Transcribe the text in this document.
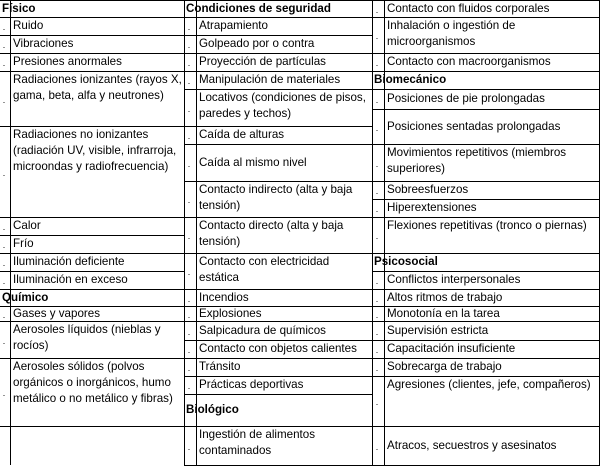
Físico
· Ruido
· Vibraciones
· Presiones anormales
·
Radiaciones ionizantes (rayos X, gama, beta, alfa y neutrones)
·
Radiaciones no ionizantes (radiación UV, visible, infrarroja, microondas y radiofrecuencia)
· Calor
· Frío
· Iluminación deficiente
· Iluminación en exceso
Químico
· Gases y vapores
·
Aerosoles líquidos (nieblas y rocíos)
·
Aerosoles sólidos (polvos orgánicos o inorgánicos, humo metálico o no metálico y fibras)
Condiciones de seguridad
· Atrapamiento
· Golpeado por o contra
· Proyección de partículas
· Manipulación de materiales
·
Locativos (condiciones de pisos, paredes y techos)
· Caída de alturas
· Caída al mismo nivel
·
Contacto indirecto (alta y baja tensión)
·
Contacto directo (alta y baja tensión)
·
Contacto con electricidad estática
· Incendios
· Explosiones
· Salpicadura de químicos
· Contacto con objetos calientes
· Tránsito
· Prácticas deportivas
Biológico
·
Ingestión de alimentos contaminados
· Contacto con fluidos corporales
·
Inhalación o ingestión de microorganismos
· Contacto con macroorganismos
Biomecánico
· Posiciones de pie prolongadas
· Posiciones sentadas prolongadas
·
Movimientos repetitivos (miembros superiores)
· Sobreesfuerzos
· Hiperextensiones
·
Flexiones repetitivas (tronco o piernas)
Psicosocial
· Conflictos interpersonales
· Altos ritmos de trabajo
· Monotonía en la tarea
· Supervisión estricta
· Capacitación insuficiente
· Sobrecarga de trabajo
·
Agresiones (clientes, jefe, compañeros)
· Atracos, secuestros y asesinatos
